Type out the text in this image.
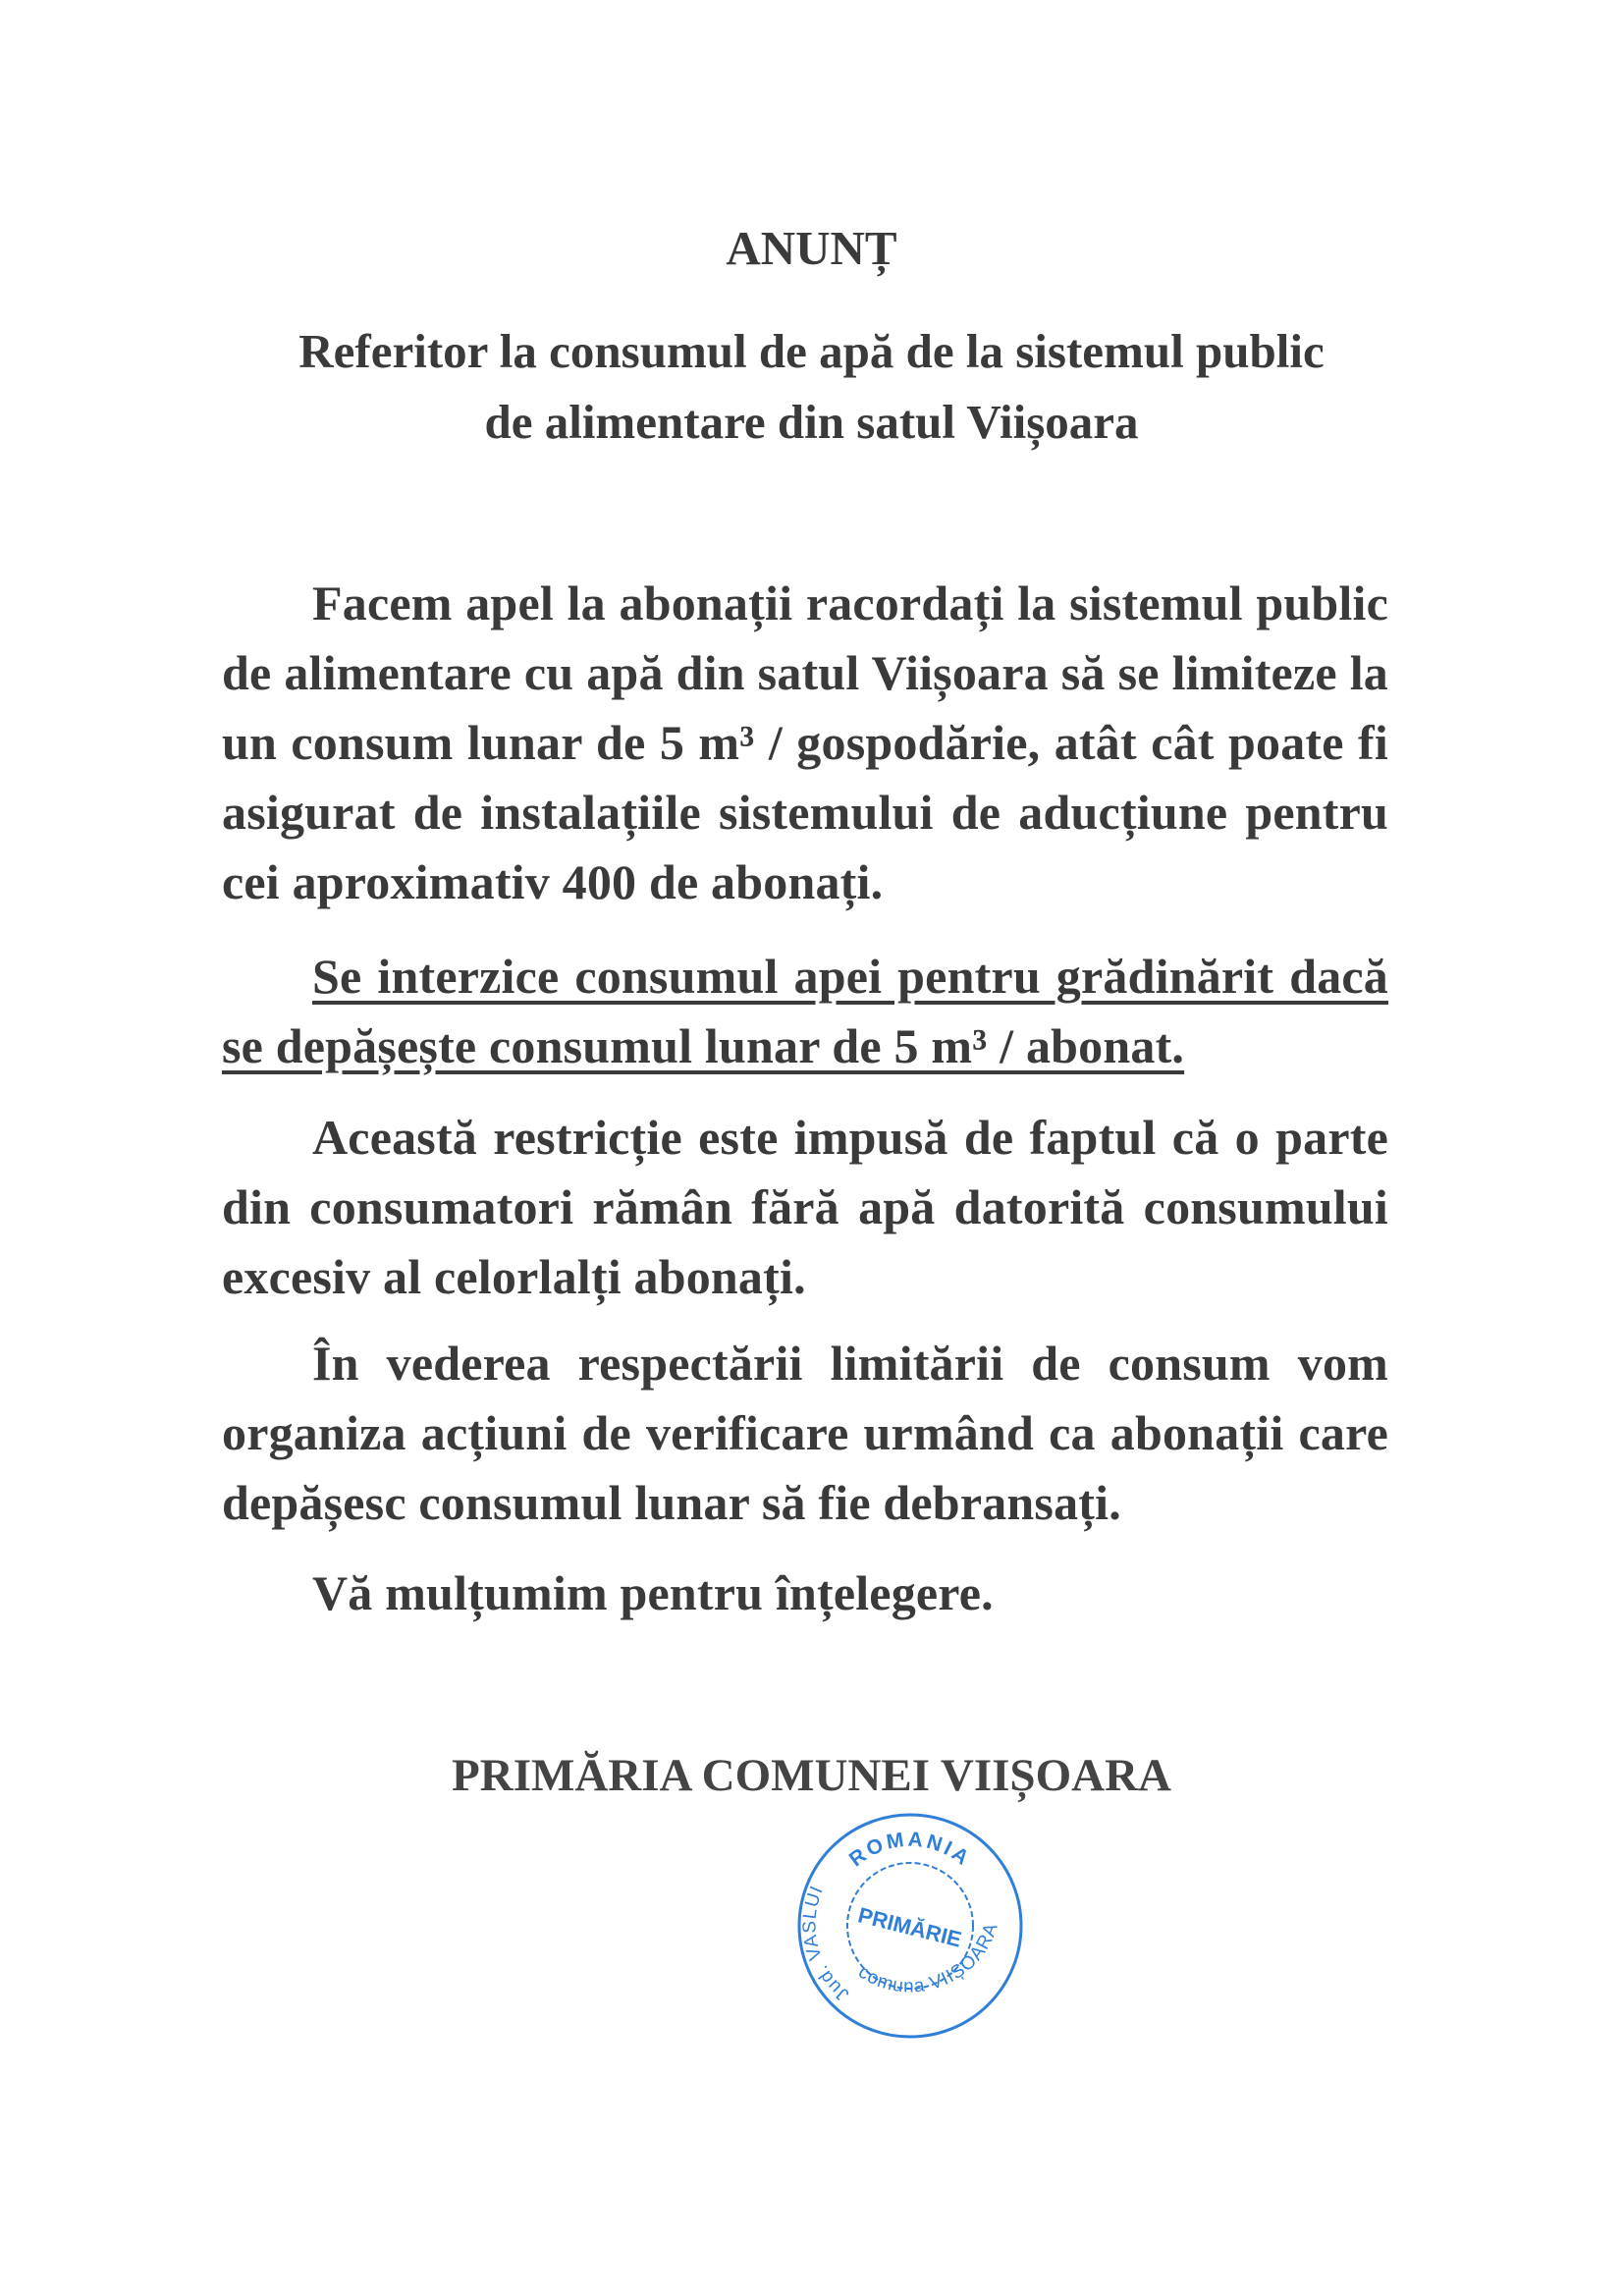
ANUNȚ
Referitor la consumul de apă de la sistemul public
de alimentare din satul Viișoara

Facem apel la abonații racordați la sistemul public de alimentare cu apă din satul Viișoara să se limiteze la un consum lunar de 5 m³ / gospodărie, atât cât poate fi asigurat de instalațiile sistemului de aducțiune pentru cei aproximativ 400 de abonați.

Se interzice consumul apei pentru grădinărit dacă se depășește consumul lunar de 5 m³ / abonat.

Această restricție este impusă de faptul că o parte din consumatori rămân fără apă datorită consumului excesiv al celorlalți abonați.

În vederea respectării limitării de consum vom organiza acțiuni de verificare urmând ca abonații care depășesc consumul lunar să fie debransați.

Vă mulțumim pentru înțelegere.

PRIMĂRIA COMUNEI VIIȘOARA
ROMANIA
Jud. VASLUI
comuna VIIȘOARA
PRIMĂRIE
